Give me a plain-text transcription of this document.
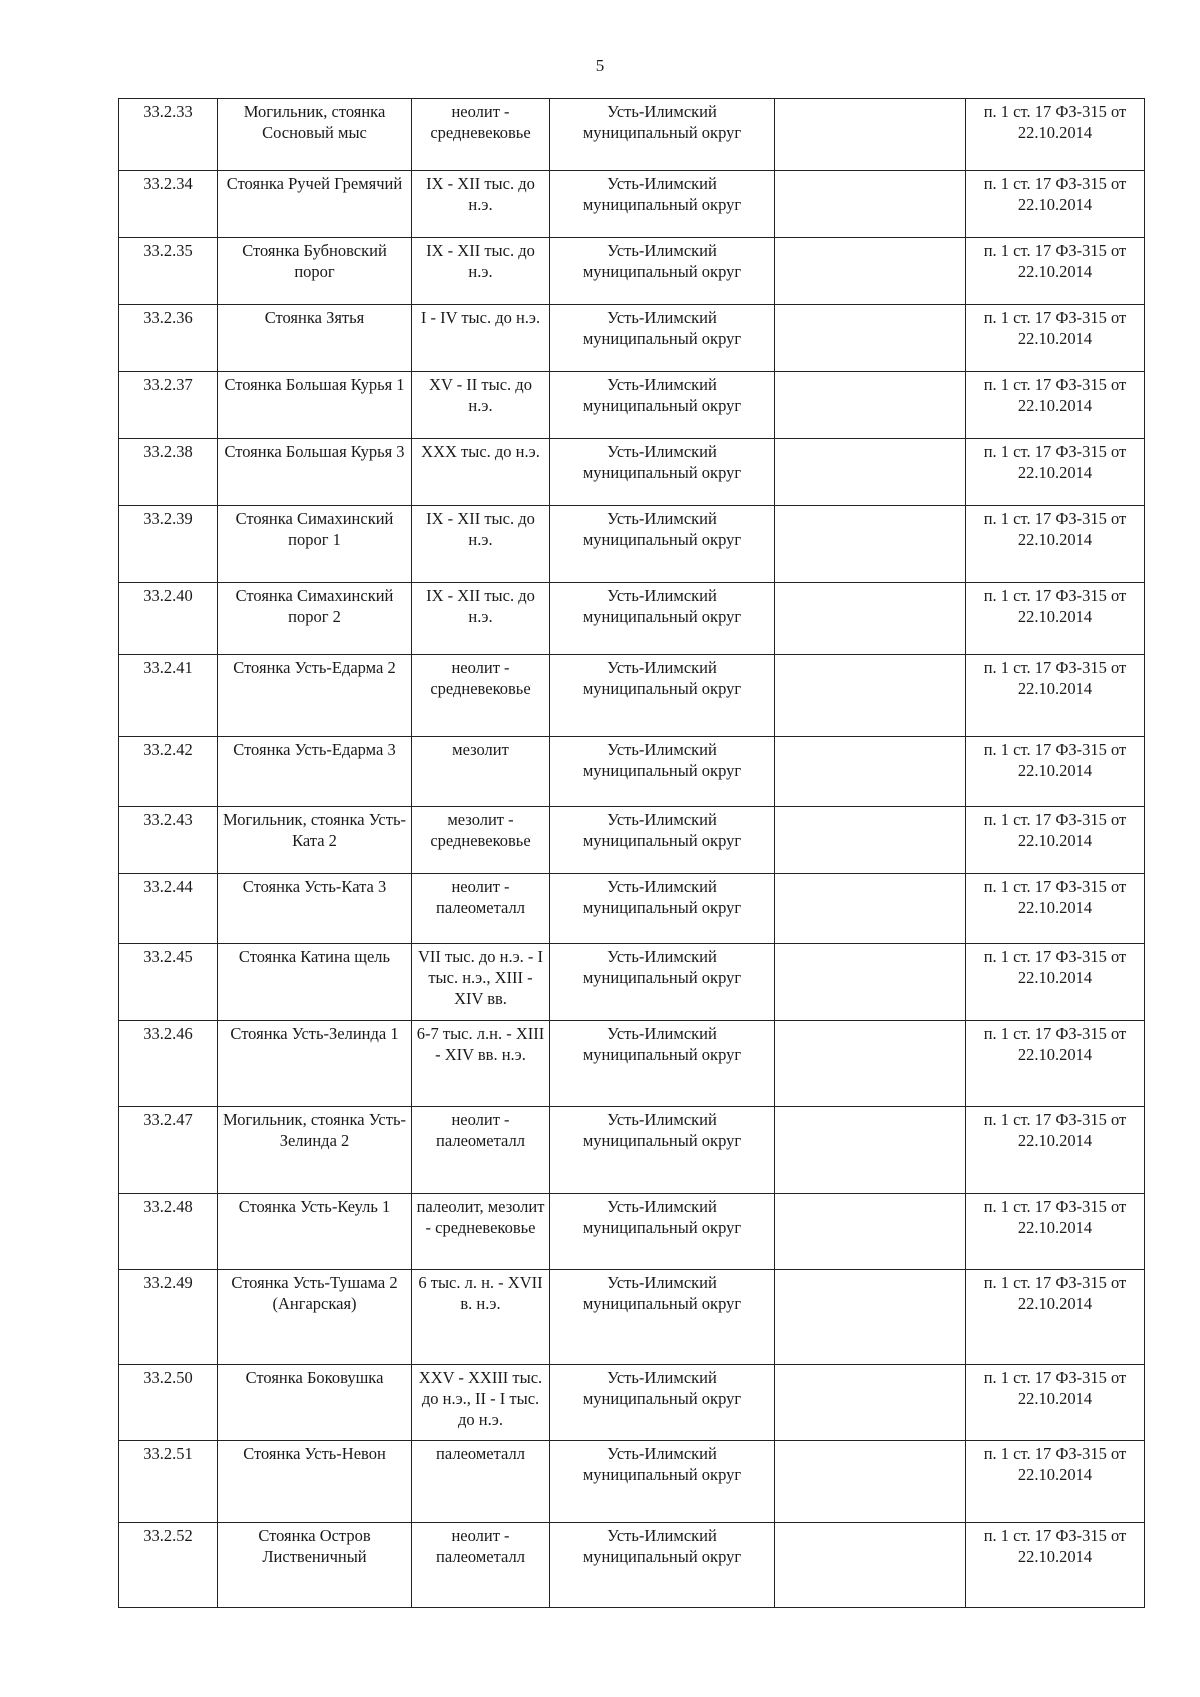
5
33.2.33	Могильник, стоянка Сосновый мыс	неолит - средневековье	Усть-Илимский муниципальный округ		п. 1 ст. 17 ФЗ-315 от 22.10.2014
33.2.34	Стоянка Ручей Гремячий	IX - XII тыс. до н.э.	Усть-Илимский муниципальный округ		п. 1 ст. 17 ФЗ-315 от 22.10.2014
33.2.35	Стоянка Бубновский порог	IX - XII тыс. до н.э.	Усть-Илимский муниципальный округ		п. 1 ст. 17 ФЗ-315 от 22.10.2014
33.2.36	Стоянка Зятья	I - IV тыс. до н.э.	Усть-Илимский муниципальный округ		п. 1 ст. 17 ФЗ-315 от 22.10.2014
33.2.37	Стоянка Большая Курья 1	XV - II тыс. до н.э.	Усть-Илимский муниципальный округ		п. 1 ст. 17 ФЗ-315 от 22.10.2014
33.2.38	Стоянка Большая Курья 3	XXX тыс. до н.э.	Усть-Илимский муниципальный округ		п. 1 ст. 17 ФЗ-315 от 22.10.2014
33.2.39	Стоянка Симахинский порог 1	IX - XII тыс. до н.э.	Усть-Илимский муниципальный округ		п. 1 ст. 17 ФЗ-315 от 22.10.2014
33.2.40	Стоянка Симахинский порог 2	IX - XII тыс. до н.э.	Усть-Илимский муниципальный округ		п. 1 ст. 17 ФЗ-315 от 22.10.2014
33.2.41	Стоянка Усть-Едарма 2	неолит - средневековье	Усть-Илимский муниципальный округ		п. 1 ст. 17 ФЗ-315 от 22.10.2014
33.2.42	Стоянка Усть-Едарма 3	мезолит	Усть-Илимский муниципальный округ		п. 1 ст. 17 ФЗ-315 от 22.10.2014
33.2.43	Могильник, стоянка Усть-Ката 2	мезолит - средневековье	Усть-Илимский муниципальный округ		п. 1 ст. 17 ФЗ-315 от 22.10.2014
33.2.44	Стоянка Усть-Ката 3	неолит - палеометалл	Усть-Илимский муниципальный округ		п. 1 ст. 17 ФЗ-315 от 22.10.2014
33.2.45	Стоянка Катина щель	VII тыс. до н.э. - I тыс. н.э., XIII - XIV вв.	Усть-Илимский муниципальный округ		п. 1 ст. 17 ФЗ-315 от 22.10.2014
33.2.46	Стоянка Усть-Зелинда 1	6-7 тыс. л.н. - XIII - XIV вв. н.э.	Усть-Илимский муниципальный округ		п. 1 ст. 17 ФЗ-315 от 22.10.2014
33.2.47	Могильник, стоянка Усть-Зелинда 2	неолит - палеометалл	Усть-Илимский муниципальный округ		п. 1 ст. 17 ФЗ-315 от 22.10.2014
33.2.48	Стоянка Усть-Кеуль 1	палеолит, мезолит - средневековье	Усть-Илимский муниципальный округ		п. 1 ст. 17 ФЗ-315 от 22.10.2014
33.2.49	Стоянка Усть-Тушама 2 (Ангарская)	6 тыс. л. н. - XVII в. н.э.	Усть-Илимский муниципальный округ		п. 1 ст. 17 ФЗ-315 от 22.10.2014
33.2.50	Стоянка Боковушка	XXV - XXIII тыс. до н.э., II - I тыс. до н.э.	Усть-Илимский муниципальный округ		п. 1 ст. 17 ФЗ-315 от 22.10.2014
33.2.51	Стоянка Усть-Невон	палеометалл	Усть-Илимский муниципальный округ		п. 1 ст. 17 ФЗ-315 от 22.10.2014
33.2.52	Стоянка Остров Лиственичный	неолит - палеометалл	Усть-Илимский муниципальный округ		п. 1 ст. 17 ФЗ-315 от 22.10.2014
